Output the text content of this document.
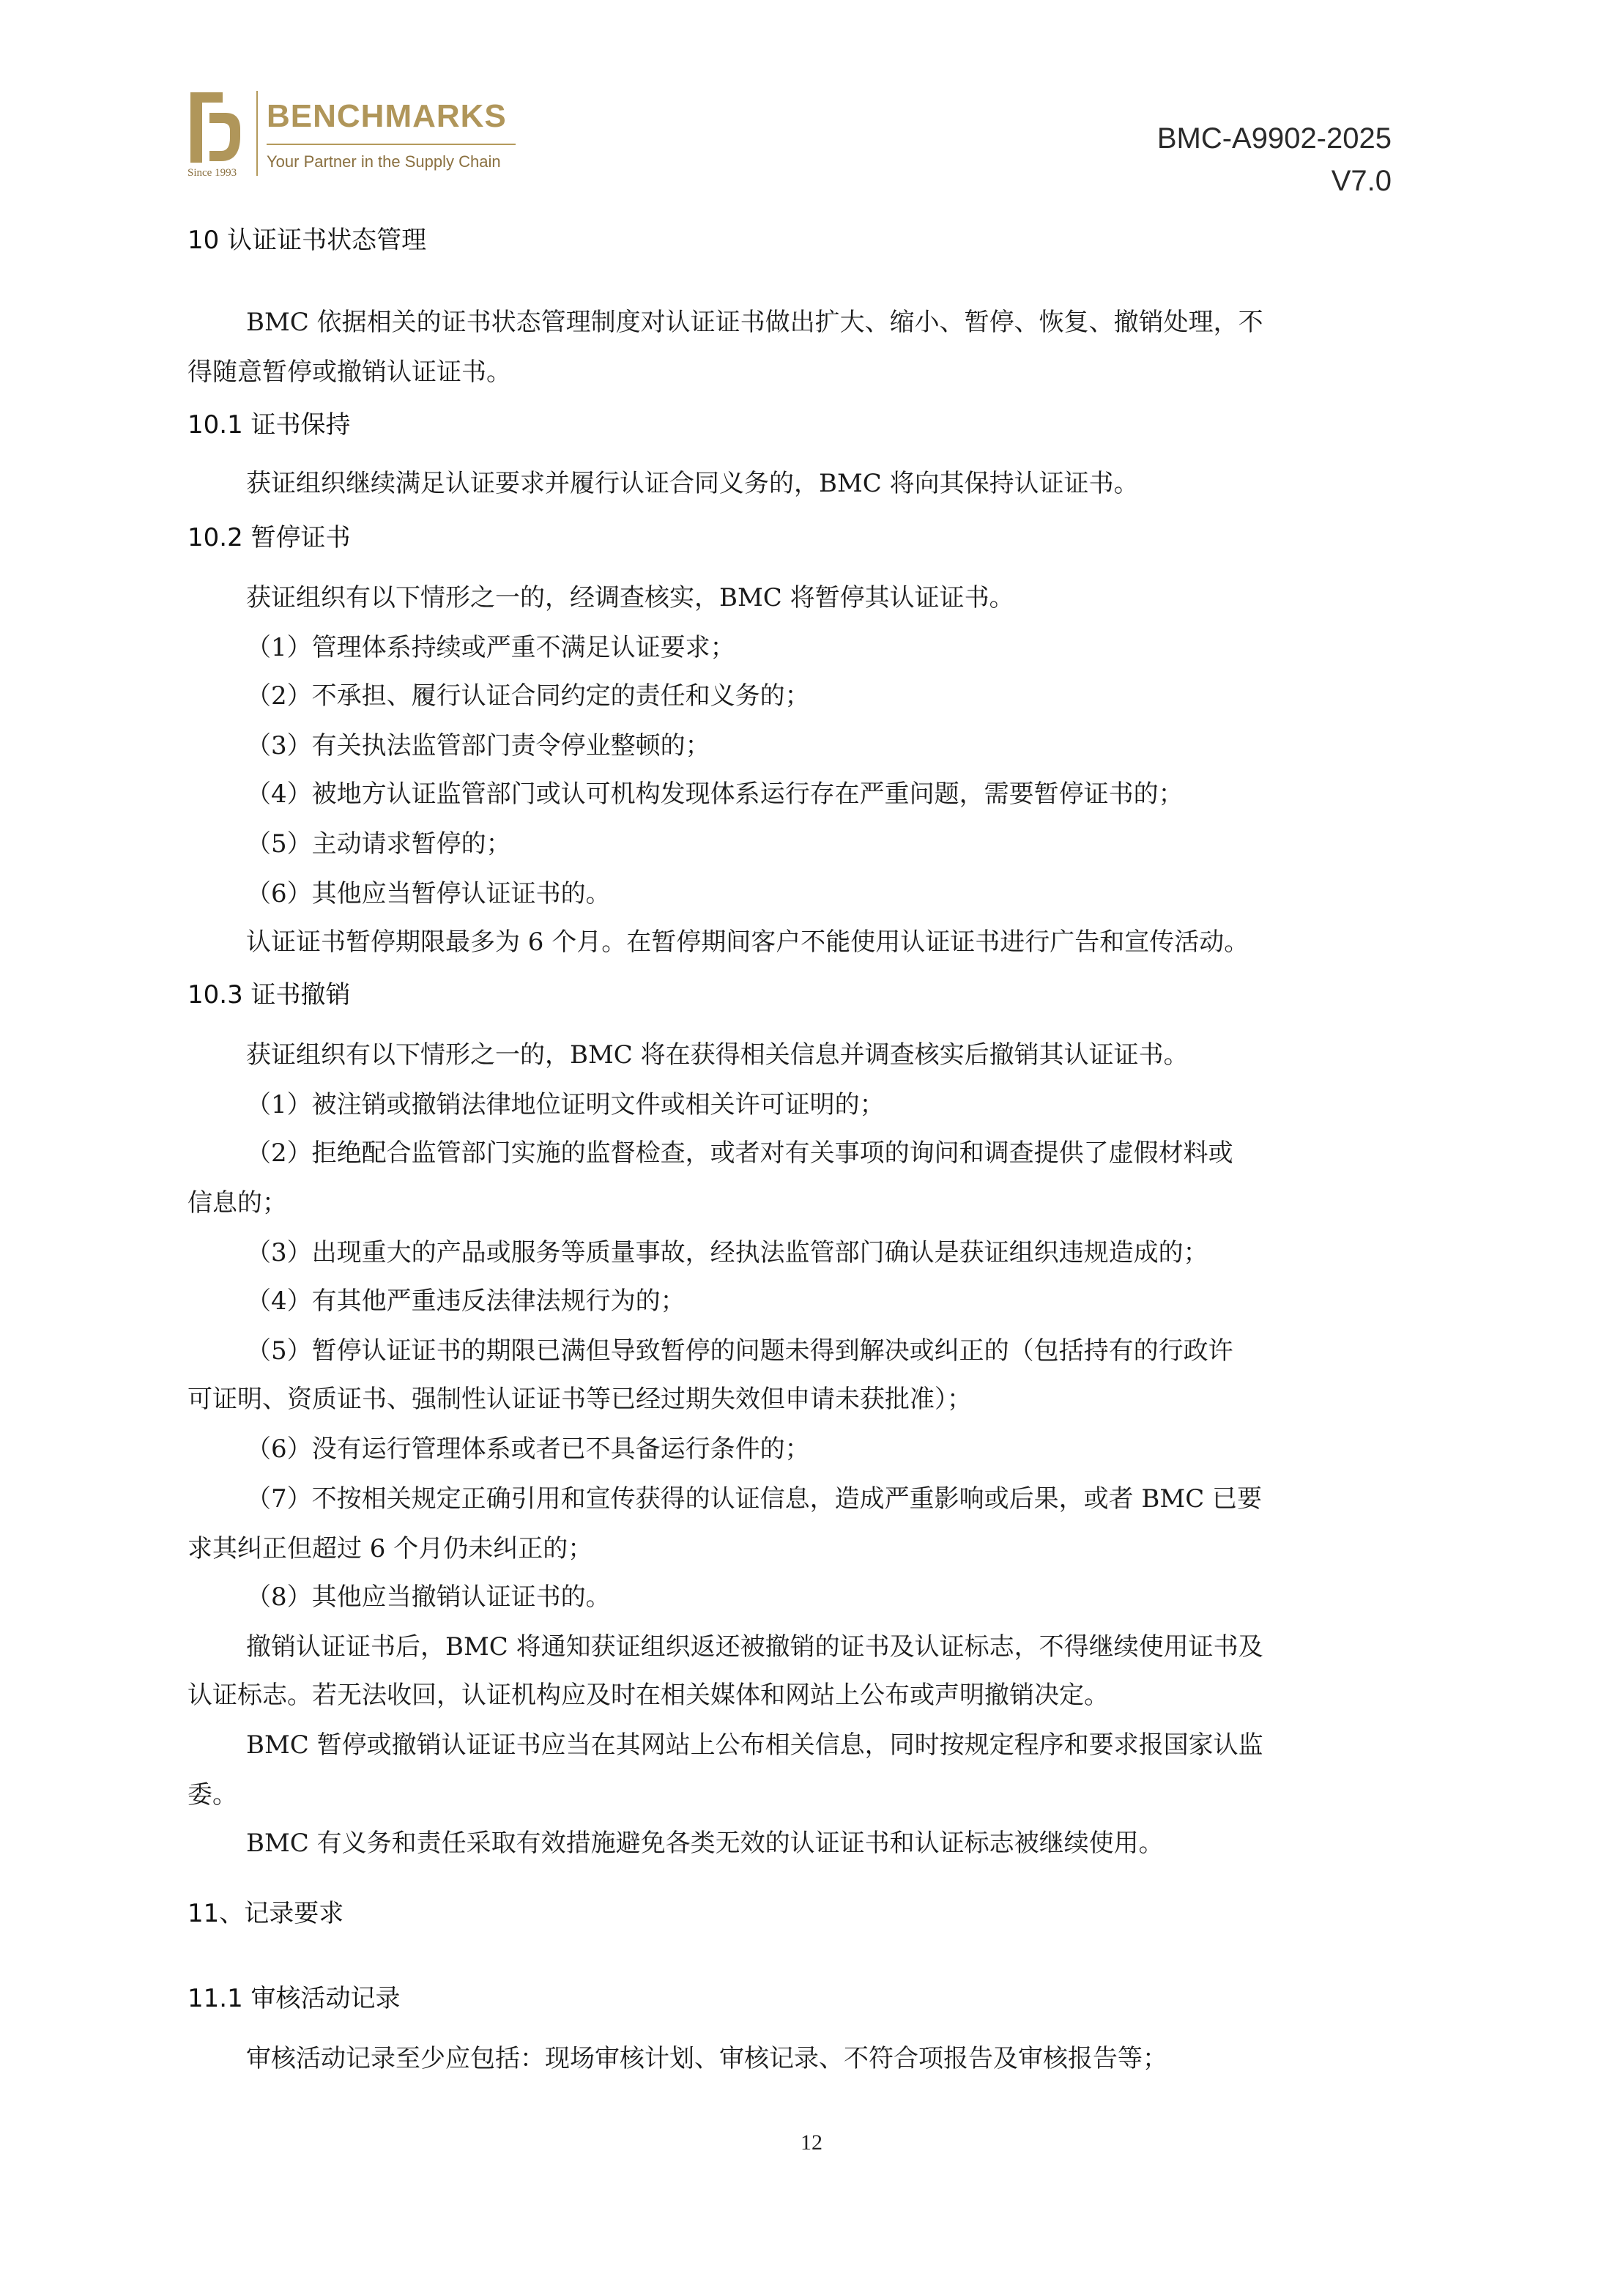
Since 1993
BENCHMARKS
Your Partner in the Supply Chain
BMC-A9902-2025
V7.0
10 认证证书状态管理
BMC 依据相关的证书状态管理制度对认证证书做出扩大、缩小、暂停、恢复、撤销处理，不
得随意暂停或撤销认证证书。
10.1 证书保持
获证组织继续满足认证要求并履行认证合同义务的，BMC 将向其保持认证证书。
10.2 暂停证书
获证组织有以下情形之一的，经调查核实，BMC 将暂停其认证证书。
（1）管理体系持续或严重不满足认证要求；
（2）不承担、履行认证合同约定的责任和义务的；
（3）有关执法监管部门责令停业整顿的；
（4）被地方认证监管部门或认可机构发现体系运行存在严重问题，需要暂停证书的；
（5）主动请求暂停的；
（6）其他应当暂停认证证书的。
认证证书暂停期限最多为 6 个月。在暂停期间客户不能使用认证证书进行广告和宣传活动。
10.3 证书撤销
获证组织有以下情形之一的，BMC 将在获得相关信息并调查核实后撤销其认证证书。
（1）被注销或撤销法律地位证明文件或相关许可证明的；
（2）拒绝配合监管部门实施的监督检查，或者对有关事项的询问和调查提供了虚假材料或
信息的；
（3）出现重大的产品或服务等质量事故，经执法监管部门确认是获证组织违规造成的；
（4）有其他严重违反法律法规行为的；
（5）暂停认证证书的期限已满但导致暂停的问题未得到解决或纠正的（包括持有的行政许
可证明、资质证书、强制性认证证书等已经过期失效但申请未获批准）；
（6）没有运行管理体系或者已不具备运行条件的；
（7）不按相关规定正确引用和宣传获得的认证信息，造成严重影响或后果，或者 BMC 已要
求其纠正但超过 6 个月仍未纠正的；
（8）其他应当撤销认证证书的。
撤销认证证书后，BMC 将通知获证组织返还被撤销的证书及认证标志，不得继续使用证书及
认证标志。若无法收回，认证机构应及时在相关媒体和网站上公布或声明撤销决定。
BMC 暂停或撤销认证证书应当在其网站上公布相关信息，同时按规定程序和要求报国家认监
委。
BMC 有义务和责任采取有效措施避免各类无效的认证证书和认证标志被继续使用。
11、记录要求
11.1 审核活动记录
审核活动记录至少应包括：现场审核计划、审核记录、不符合项报告及审核报告等；
12
